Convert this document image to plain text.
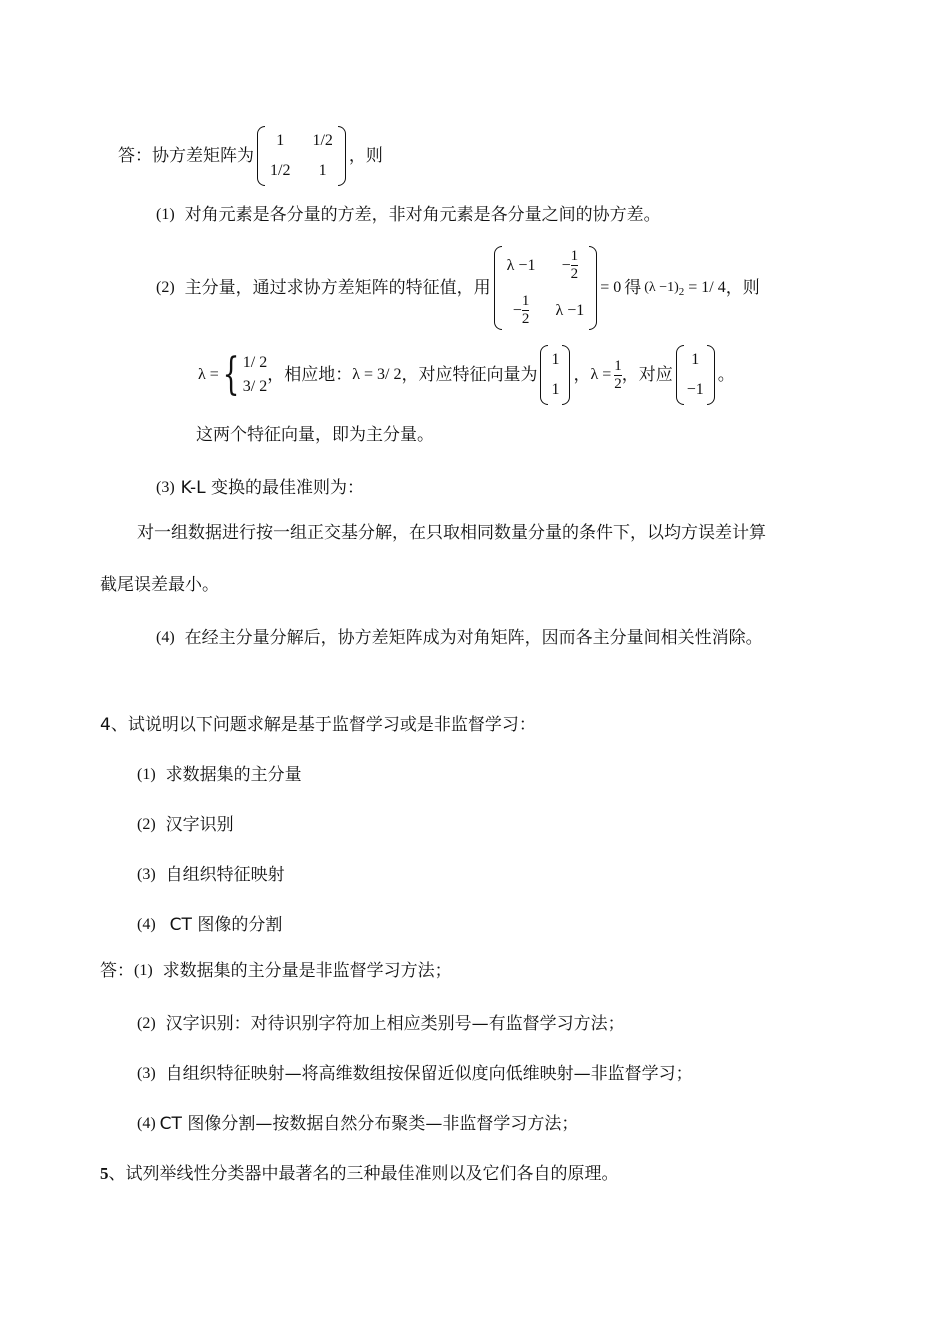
答：协方差矩阵为
1 1/2
1/2 1
，则
(1) 对角元素是各分量的方差，非对角元素是各分量之间的协方差。
(2) 主分量，通过求协方差矩阵的特征值，用
$\lambda -1 - \frac{1}{2}$
− $\frac{1}{2}$ λ −1
= 0 得 $(\lambda -1)_2 = 1/$ 4 ，则
λ = { 1/ 2
3/ 2
，相应地： λ = 3/ 2 ，对应特征向量为
1
1
， $\lambda = \frac{1}{2}$ ，对应
1
−1
。
这两个特征向量，即为主分量。
(3) K-L 变换的最佳准则为：
对一组数据进行按一组正交基分解，在只取相同数量分量的条件下，以均方误差计算
截尾误差最小。
(4) 在经主分量分解后，协方差矩阵成为对角矩阵，因而各主分量间相关性消除。
4、试说明以下问题求解是基于监督学习或是非监督学习：
(1) 求数据集的主分量
(2) 汉字识别
(3) 自组织特征映射
(4) CT 图像的分割
答： (1) 求数据集的主分量是非监督学习方法；
(2) 汉字识别：对待识别字符加上相应类别号—有监督学习方法；
(3) 自组织特征映射—将高维数组按保留近似度向低维映射—非监督学习；
(4) CT 图像分割—按数据自然分布聚类—非监督学习方法；
5 、试列举线性分类器中最著名的三种最佳准则以及它们各自的原理。
